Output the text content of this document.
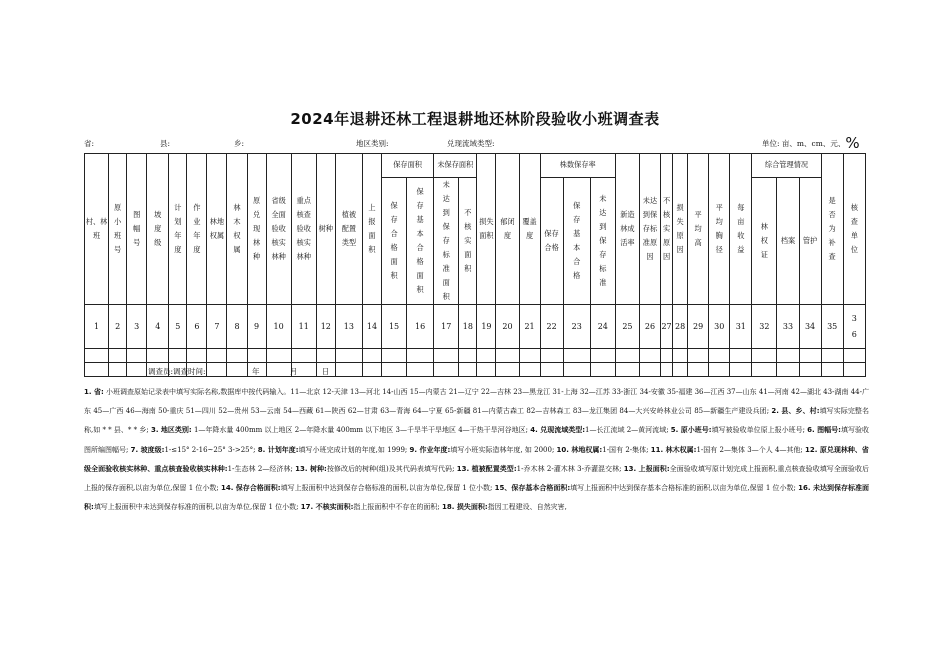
2024年退耕还林工程退耕地还林阶段验收小班调查表
省:	县:	乡:	地区类别:	兑现流域类型:	单位: 亩、m、cm、元、%
村、林班	原小班号	图幅号	坡度级	计划年度	作业年度	林地权属	林木权属	原兑现林种	省级全面验收核实林种	重点核查验收核实林种	树种	植被配置类型	上报面积	保存面积		未保存面积		损失面积	郁闭度	覆盖度	株数保存率			新造林成活率	未达到保存标准原因	不核实原因	损失原因	平均高	平均胸径	每亩收益	综合管理情况			是否为补查	核查单位

														保存合格面积	保存基本合格面积	未达到保存标准面积	不核实面积				保存合格	保存基本合格	未达到保存标准								林权证	档案	管护		
1	2	3	4	5	6	7	8	9	10	11	12	13	14	15	16	17	18	19	20	21	22	23	24	25	26	27	28	29	30	31	32	33	34	35	36

调查员:调查时间:	年	月	日
1. 省: 小班调查原始记录表中填写实际名称,数据库中按代码输入。11—北京 12-天津 13—河北 14-山西 15—内蒙古 21—辽宁 22—吉林 23—黑龙江 31-上海 32—江苏 33-浙江 34-安徽 35-福建 36—江西 37—山东 41—河南 42—湖北 43-湖南 44-广东 45—广西 46—海南 50-重庆 51—四川 52—贵州 53—云南 54—西藏 61—陕西 62—甘肃 63—青海 64—宁夏 65-新疆 81—内蒙古森工 82—吉林森工 83—龙江集团 84—大兴安岭林业公司 85—新疆生产建设兵团; 2. 县、乡、村:填写实际完整名称,如 * * 县、* * 乡; 3. 地区类别: 1—年降水量 400mm 以上地区 2—年降水量 400mm 以下地区 3—千旱半干旱地区 4—干热干旱河谷地区; 4. 兑现流域类型:1—长江流域 2—黄河流域; 5. 原小班号:填写被验收单位原上报小班号; 6. 图幅号:填写验收图所编图幅号; 7. 坡度级:1-≤15° 2-16~25° 3->25°; 8. 计划年度:填写小班完成计划的年度,如 1999; 9. 作业年度:填写小班实际造林年度, 如 2000; 10. 林地权属:1-国有 2-集体; 11. 林木权属:1-国有 2—集体 3—个人 4—其他; 12. 原兑现林种、省级全面验收核实林种、重点核查验收核实林种:1-生态林 2—经济林; 13. 树种:按修改后的树种(组)及其代码表填写代码; 13. 植被配置类型:1-乔木林 2-灌木林 3-乔灌混交林; 13. 上报面积:全面验收填写原计划完成上报面积,重点核查验收填写全面验收后上报的保存面积,以亩为单位,保留 1 位小数; 14. 保存合格面积:填写上报面积中达到保存合格标准的面积,以亩为单位,保留 1 位小数; 15、保存基本合格面积:填写上报面积中达到保存基本合格标准的面积,以亩为单位,保留 1 位小数; 16. 未达到保存标准面积:填写上报面积中未达到保存标准的面积,以亩为单位,保留 1 位小数; 17. 不核实面积:指上报面积中不存在的面积; 18. 损失面积:指因工程建设、自然灾害,
